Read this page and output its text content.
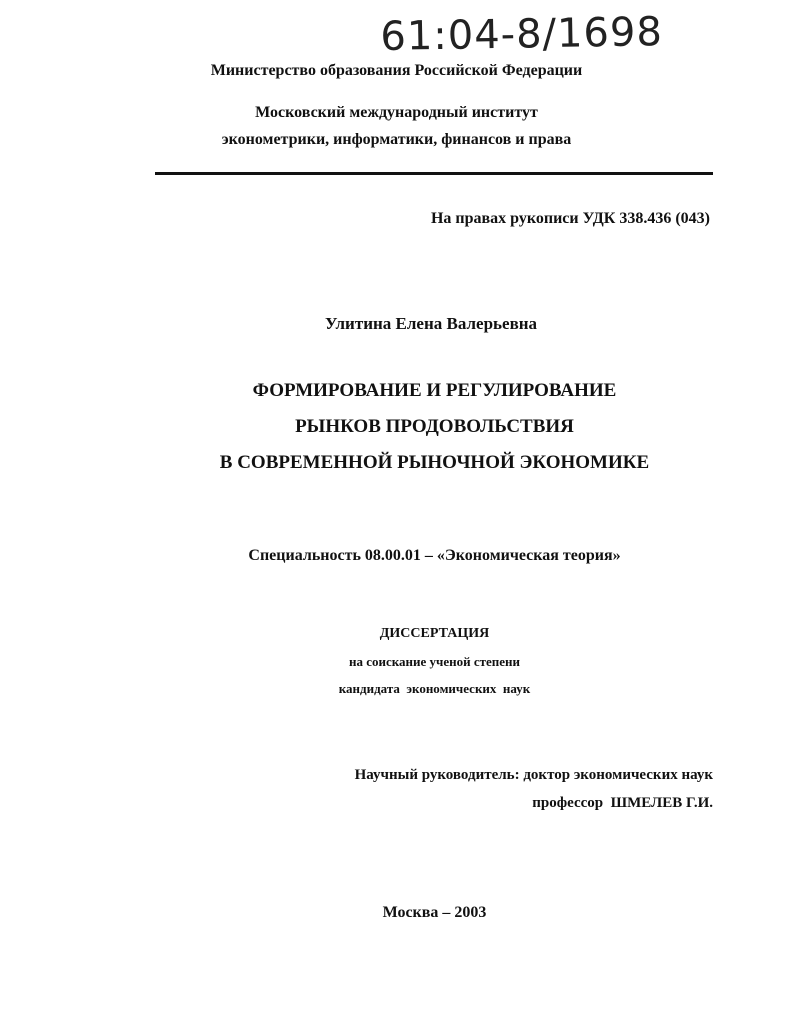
61:04-8/1698
Министерство образования Российской Федерации
Московский международный институт
эконометрики, информатики, финансов и права
На правах рукописи УДК 338.436 (043)
Улитина Елена Валерьевна
ФОРМИРОВАНИЕ И РЕГУЛИРОВАНИЕ
РЫНКОВ ПРОДОВОЛЬСТВИЯ
В СОВРЕМЕННОЙ РЫНОЧНОЙ ЭКОНОМИКЕ
Специальность 08.00.01 – «Экономическая теория»
ДИССЕРТАЦИЯ
на соискание ученой степени
кандидата  экономических  наук
Научный руководитель: доктор экономических наук
профессор  ШМЕЛЕВ Г.И.
Москва – 2003
